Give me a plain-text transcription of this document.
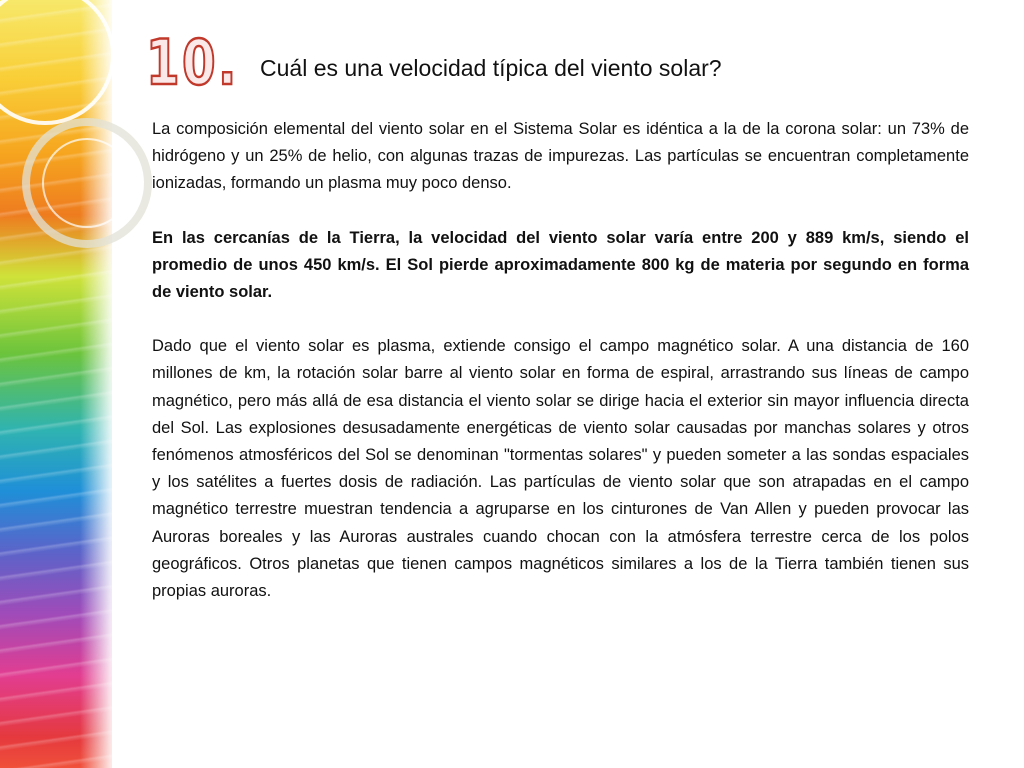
10. Cuál es una velocidad típica del viento solar?

La composición elemental del viento solar en el Sistema Solar es idéntica a la de la corona solar: un 73% de hidrógeno y un 25% de helio, con algunas trazas de impurezas. Las partículas se encuentran completamente ionizadas, formando un plasma muy poco denso.

En las cercanías de la Tierra, la velocidad del viento solar varía entre 200 y 889 km/s, siendo el promedio de unos 450 km/s. El Sol pierde aproximadamente 800 kg de materia por segundo en forma de viento solar.

Dado que el viento solar es plasma, extiende consigo el campo magnético solar. A una distancia de 160 millones de km, la rotación solar barre al viento solar en forma de espiral, arrastrando sus líneas de campo magnético, pero más allá de esa distancia el viento solar se dirige hacia el exterior sin mayor influencia directa del Sol. Las explosiones desusadamente energéticas de viento solar causadas por manchas solares y otros fenómenos atmosféricos del Sol se denominan "tormentas solares" y pueden someter a las sondas espaciales y los satélites a fuertes dosis de radiación. Las partículas de viento solar que son atrapadas en el campo magnético terrestre muestran tendencia a agruparse en los cinturones de Van Allen y pueden provocar las Auroras boreales y las Auroras australes cuando chocan con la atmósfera terrestre cerca de los polos geográficos. Otros planetas que tienen campos magnéticos similares a los de la Tierra también tienen sus propias auroras.
